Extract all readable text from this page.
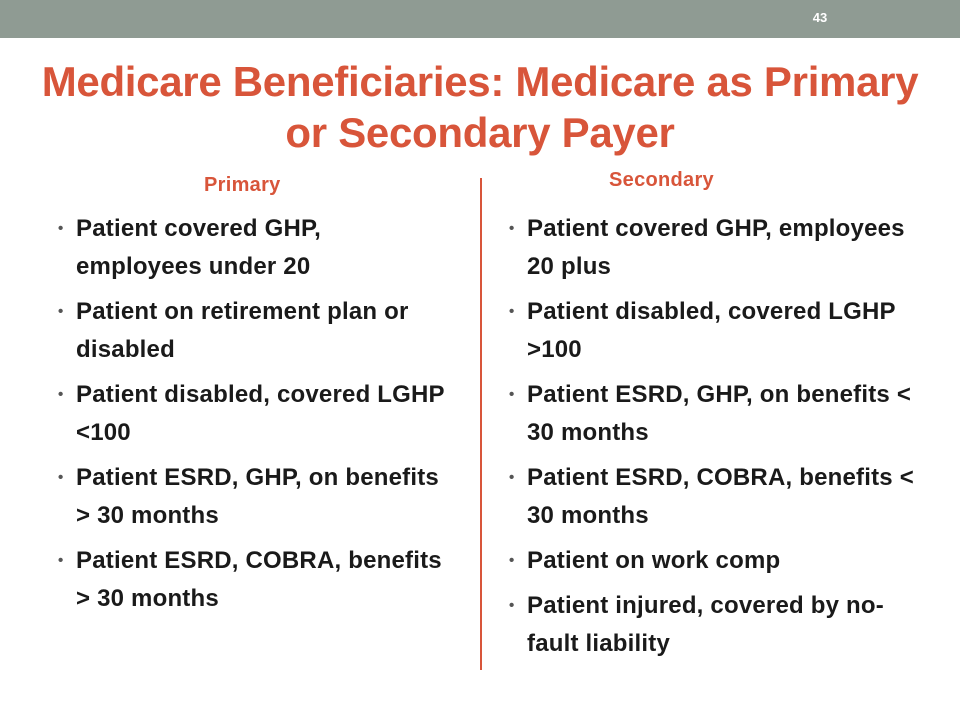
43
Medicare Beneficiaries: Medicare as Primary or Secondary Payer
Primary	Secondary
• Patient covered GHP, employees under 20
• Patient on retirement plan or disabled
• Patient disabled, covered LGHP <100
• Patient ESRD, GHP, on benefits > 30 months
• Patient ESRD, COBRA, benefits > 30 months
• Patient covered GHP, employees 20 plus
• Patient disabled, covered LGHP >100
• Patient ESRD, GHP, on benefits < 30 months
• Patient ESRD, COBRA, benefits < 30 months
• Patient on work comp
• Patient injured, covered by no-fault liability
